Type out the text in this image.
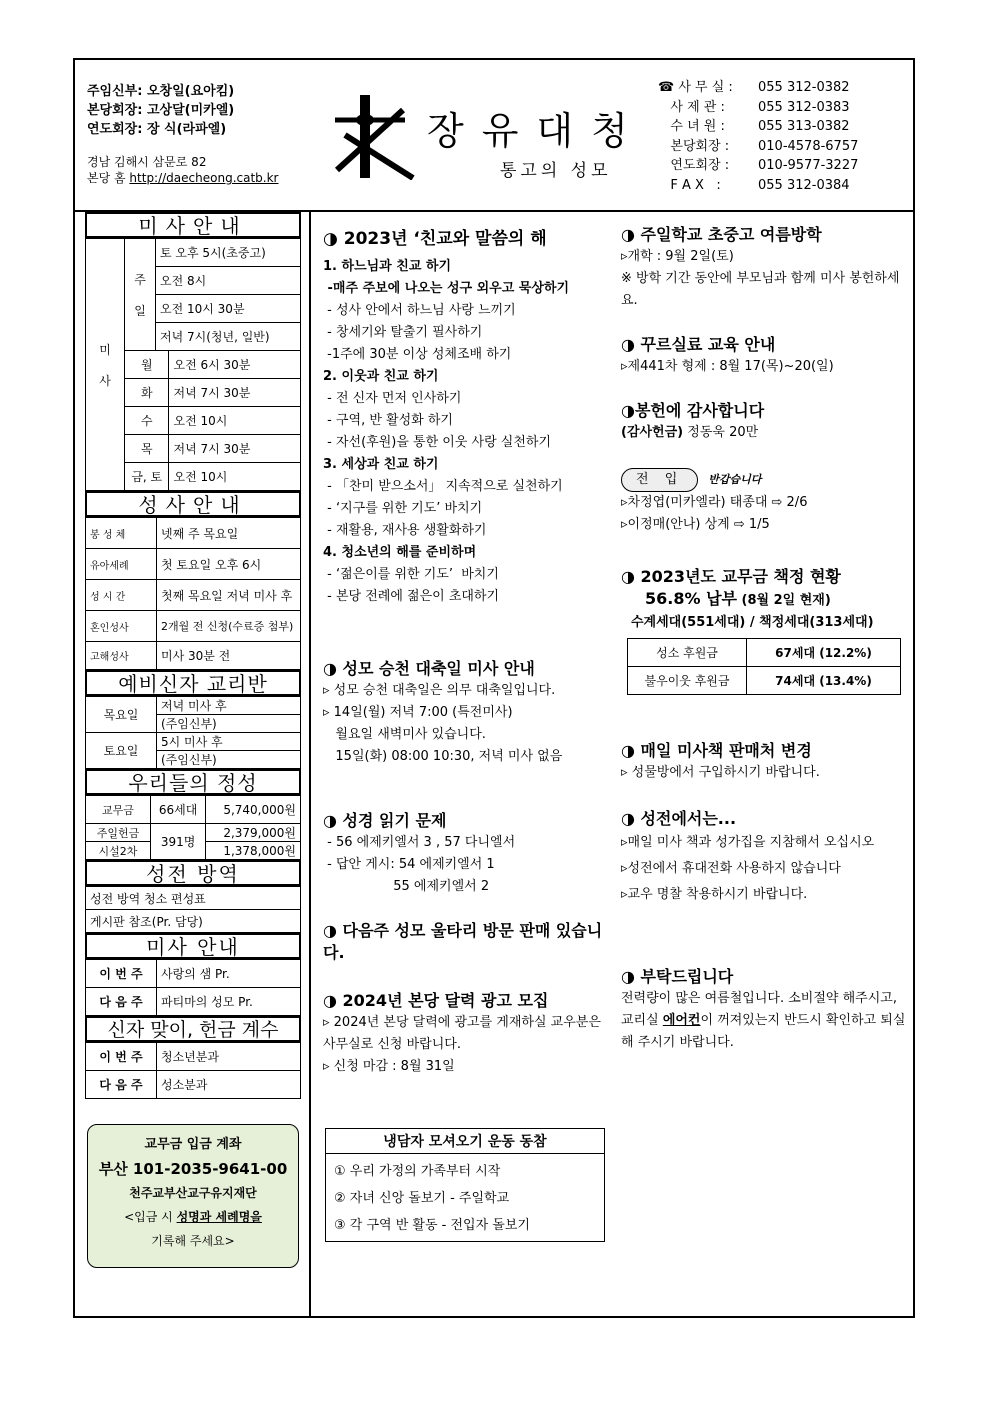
주임신부: 오창일(요아킴)
본당회장: 고상달(미카엘)
연도회장: 장 식(라파엘)
경남 김해시 삼문로 82
본당 홈 http://daecheong.catb.kr
장유대청
통고의 성모
☎ 사 무 실 :	055 312-0382
사 제 관 :	055 312-0383
수 녀 원 :	055 313-0382
본당회장 :	010-4578-6757
연도회장 :	010-9577-3227
F A X   :	055 312-0384
미사안내
미

사	주

일	토 오후 5시(초중고)	
		오전 8시	
		오전 10시 30분	
		저녁 7시(청년, 일반)	
	월		오전 6시 30분
	화		저녁 7시 30분
	수		오전 10시
	목		저녁 7시 30분
	금, 토		오전 10시
성사안내
봉 성 체	넷째 주 목요일
유아세례	첫 토요일 오후 6시
성 시 간	첫째 목요일 저녁 미사 후
혼인성사	2개월 전 신청(수료증 첨부)
고해성사	미사 30분 전
예비신자 교리반
목요일	저녁 미사 후
	(주임신부)
토요일	5시 미사 후
	(주임신부)
우리들의 정성
교무금	66세대	5,740,000원
주일헌금	391명	2,379,000원
시설2차		1,378,000원
성전 방역
성전 방역 청소 편성표
게시판 참조(Pr. 담당)
미사 안내
이 번 주	사랑의 샘 Pr.
다 음 주	파티마의 성모 Pr.
신자 맞이, 헌금 계수
이 번 주	청소년분과
다 음 주	성소분과
교무금 입금 계좌
부산 101-2035-9641-00
천주교부산교구유지재단
<입금 시 성명과 세례명을
기록해 주세요>
◑ 2023년 ‘친교와 말씀의 해
1. 하느님과 친교 하기
-매주 주보에 나오는 성구 외우고 묵상하기
- 성사 안에서 하느님 사랑 느끼기
- 창세기와 탈출기 필사하기
-1주에 30분 이상 성체조배 하기
2. 이웃과 친교 하기
- 전 신자 먼저 인사하기
- 구역, 반 활성화 하기
- 자선(후원)을 통한 이웃 사랑 실천하기
3. 세상과 친교 하기
- 「찬미 받으소서」 지속적으로 실천하기
- ‘지구를 위한 기도’ 바치기
- 재활용, 재사용 생활화하기
4. 청소년의 해를 준비하며
- ‘젊은이를 위한 기도’  바치기
- 본당 전례에 젊은이 초대하기
◑ 성모 승천 대축일 미사 안내
▹ 성모 승천 대축일은 의무 대축일입니다.
▹ 14일(월) 저녁 7:00 (특전미사)
월요일 새벽미사 있습니다.
15일(화) 08:00 10:30, 저녁 미사 없음
◑ 성경 읽기 문제
- 56 에제키엘서 3 , 57 다니엘서
- 답안 게시: 54 에제키엘서 1
55 에제키엘서 2
◑ 다음주 성모 울타리 방문 판매 있습니다.
◑ 2024년 본당 달력 광고 모집
▹ 2024년 본당 달력에 광고를 게재하실 교우분은 사무실로 신청 바랍니다.
▹ 신청 마감 : 8월 31일
냉담자 모셔오기 운동 동참
① 우리 가정의 가족부터 시작
② 자녀 신앙 돌보기 - 주일학교
③ 각 구역 반 활동 - 전입자 돌보기
◑ 주일학교 초중고 여름방학
▹개학 : 9월 2일(토)
※ 방학 기간 동안에 부모님과 함께 미사 봉헌하세요.
◑ 꾸르실료 교육 안내
▹제441차 형제 : 8월 17(목)~20(일)
◑봉헌에 감사합니다
(감사헌금) 정동욱 20만
전 입	반갑습니다
▹차정엽(미카엘라) 태종대 ⇨ 2/6
▹이정매(안나) 상계 ⇨ 1/5
◑ 2023년도 교무금 책정 현황
56.8% 납부 (8월 2일 현재)
수계세대(551세대) / 책정세대(313세대)
성소 후원금	67세대 (12.2%)
불우이웃 후원금	74세대 (13.4%)
◑ 매일 미사책 판매처 변경
▹ 성물방에서 구입하시기 바랍니다.
◑ 성전에서는...
▹매일 미사 책과 성가집을 지참해서 오십시오
▹성전에서 휴대전화 사용하지 않습니다
▹교우 명찰 착용하시기 바랍니다.
◑ 부탁드립니다
전력량이 많은 여름철입니다. 소비절약 해주시고, 교리실 에어컨이 꺼져있는지 반드시 확인하고 퇴실해 주시기 바랍니다.
